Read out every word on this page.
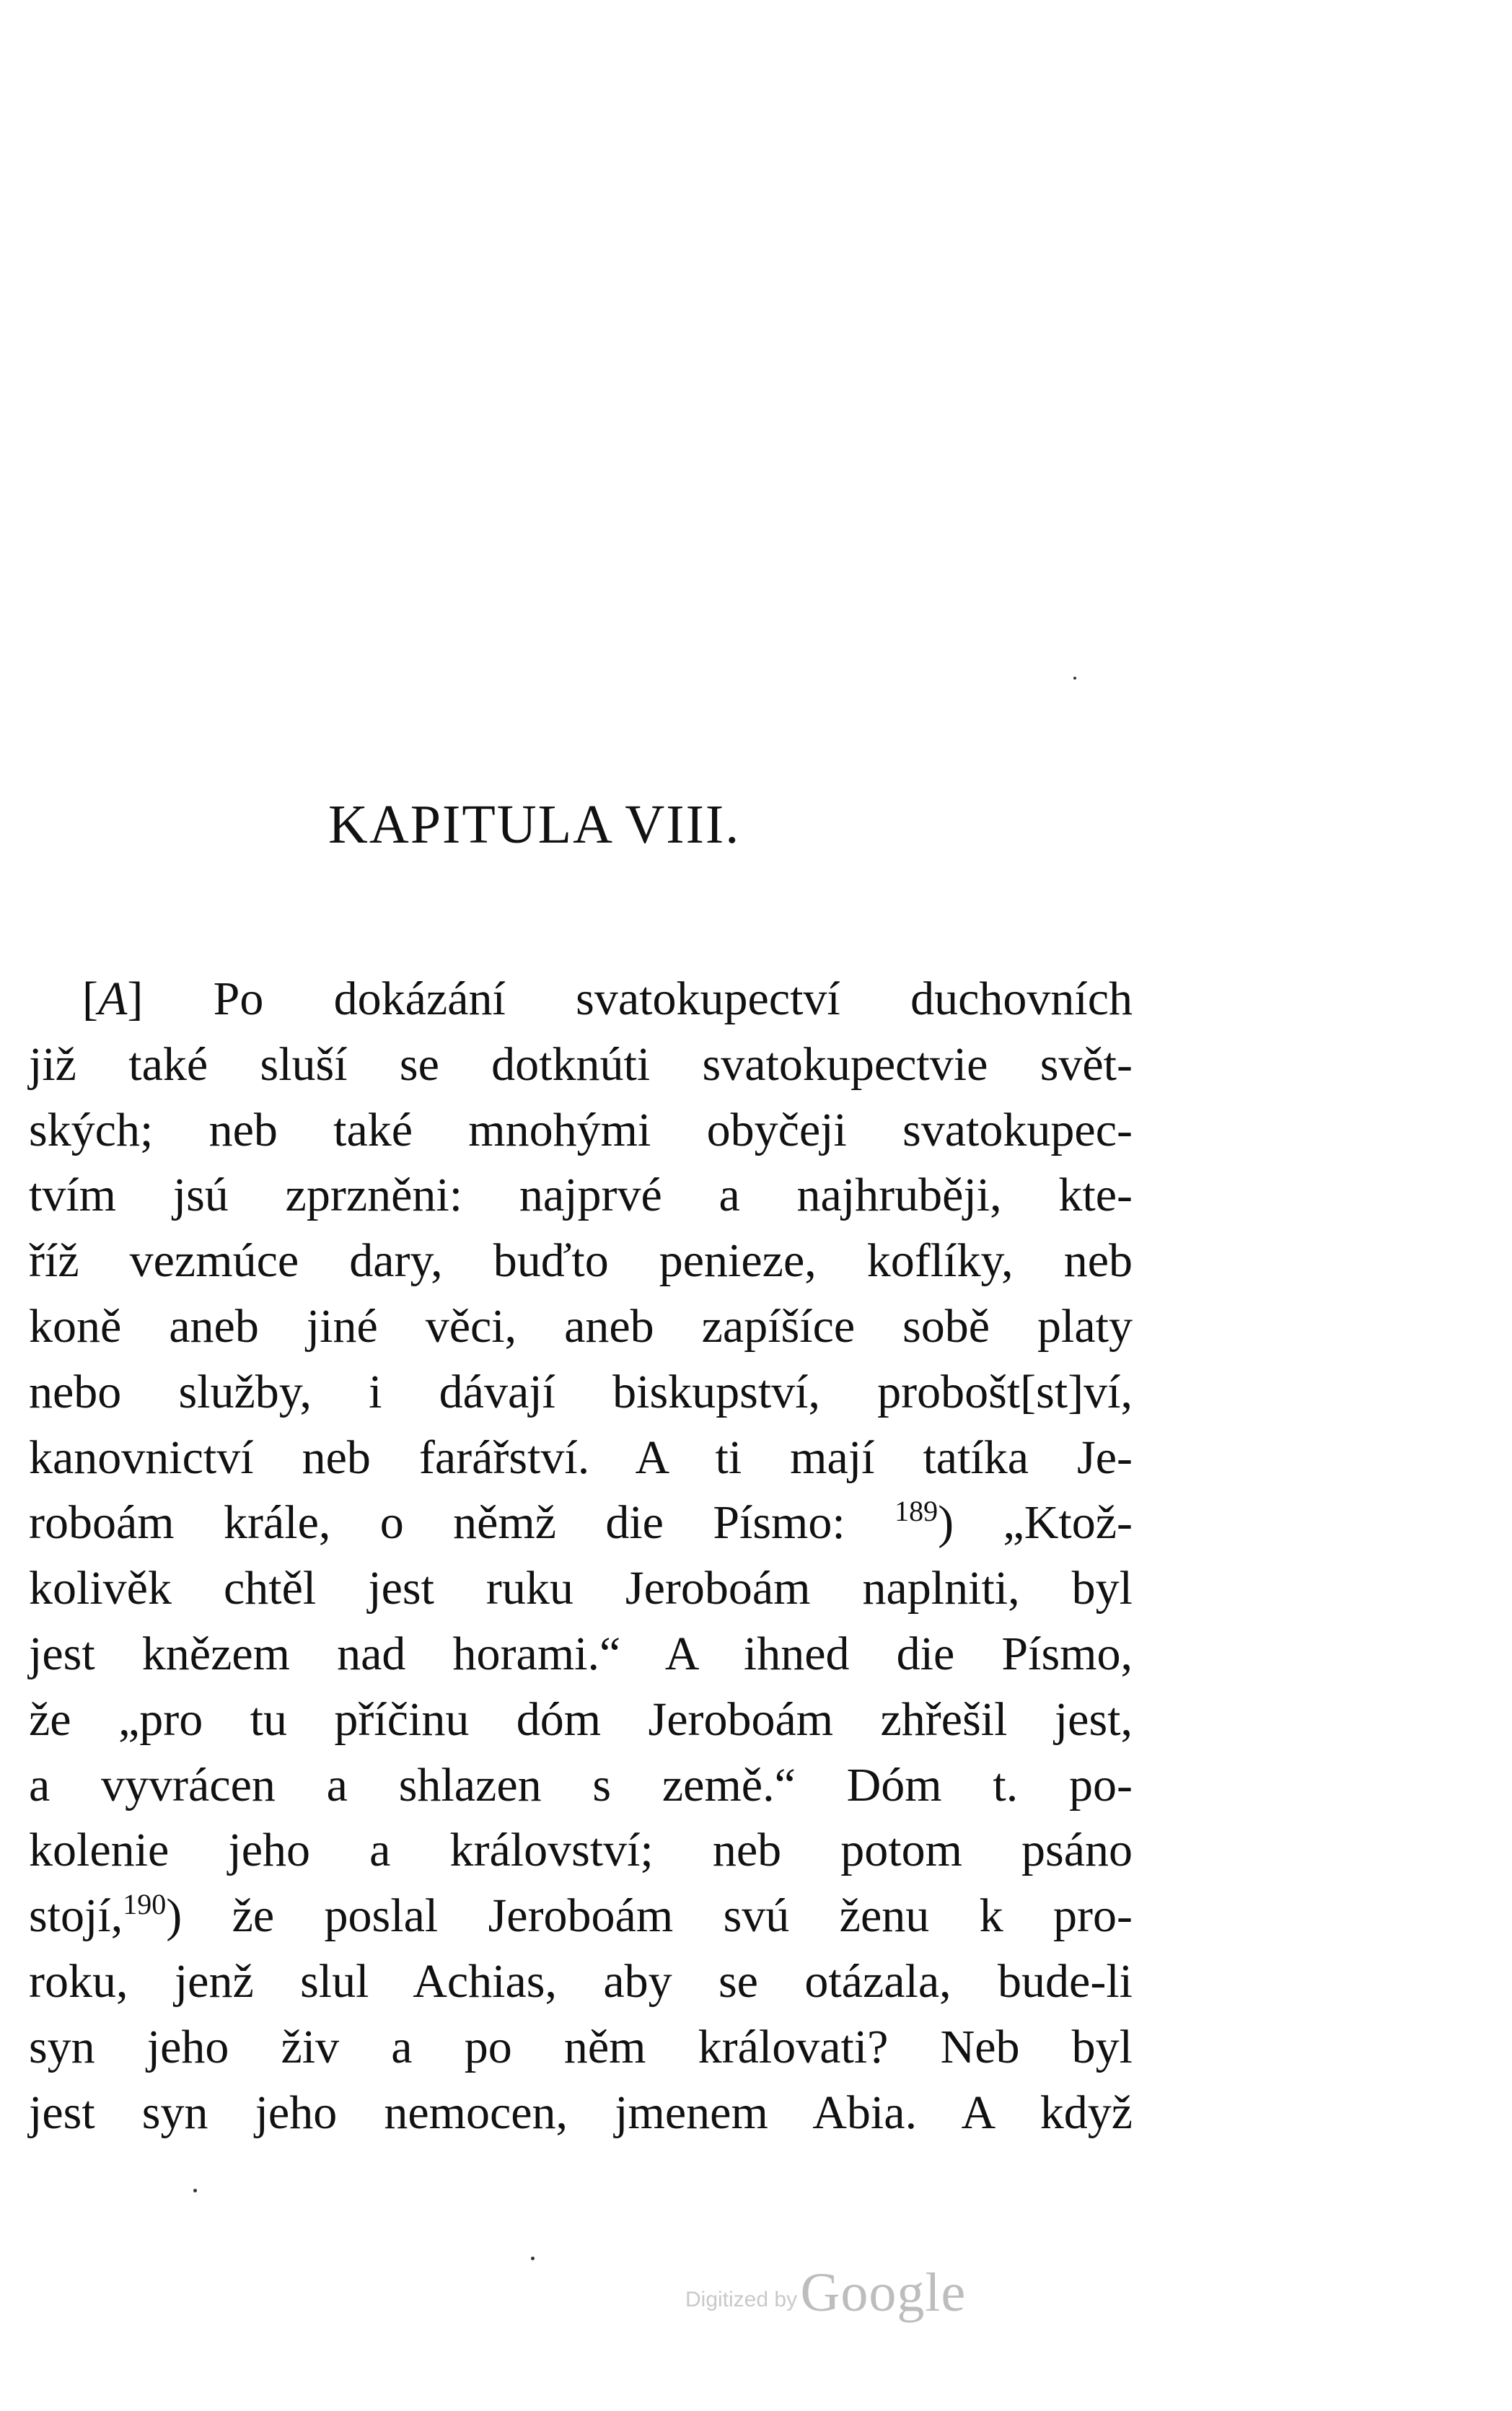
KAPITULA VIII.
[A] Po dokázání svatokupectví duchovních
již také sluší se dotknúti svatokupectvie svět-
ských; neb také mnohými obyčeji svatokupec-
tvím jsú zprzněni: najprvé a najhruběji, kte-
říž vezmúce dary, buďto penieze, koflíky, neb
koně aneb jiné věci, aneb zapíšíce sobě platy
nebo služby, i dávají biskupství, probošt[st]ví,
kanovnictví neb farářství. A ti mají tatíka Je-
roboám krále, o němž die Písmo: $^{189}$) „Ktož-
kolivěk chtěl jest ruku Jeroboám naplniti, byl
jest knězem nad horami.“ A ihned die Písmo,
že „pro tu příčinu dóm Jeroboám zhřešil jest,
a vyvrácen a shlazen s země.“ Dóm t. po-
kolenie jeho a království; neb potom psáno
stojí,$^{190}$) že poslal Jeroboám svú ženu k pro-
roku, jenž slul Achias, aby se otázala, bude-li
syn jeho živ a po něm královati? Neb byl
jest syn jeho nemocen, jmenem Abia. A když
Digitized by Google
